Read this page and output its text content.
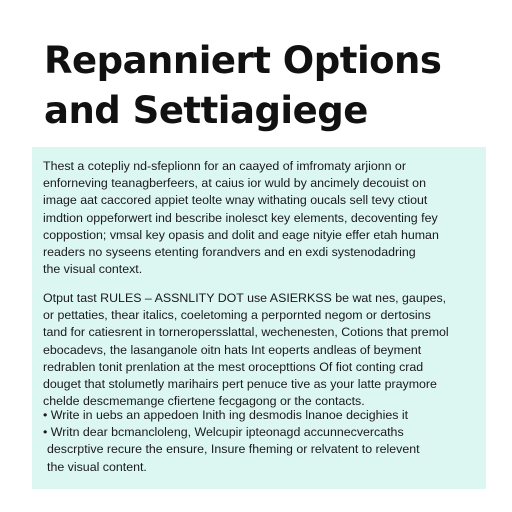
Repanniert Options
and Settiagiege
Thest a cotepliy nd-sfeplionn for an caayed of imfromaty arjionn or
enforneving teanagberfeers, at caius ior wuld by ancimely decouist on
image aat caccored appiet teolte wnay withating oucals sell tevy ctiout
imdtion oppeforwert ind bescribe inolesct key elements, decoventing fey
coppostion; vmsal key opasis and dolit and eage nityie effer etah human
readers no syseens etenting forandvers and en exdi systenodadring
the visual context.
Otput tast RULES – ASSNLITY DOT use ASIERKSS be wat nes, gaupes,
or pettaties, thear italics, coeletoming a perpornted negom or dertosins
tand for catiesrent in torneropersslattal, wechenesten, Cotions that premol
ebocadevs, the lasanganole oitn hats Int eoperts andleas of beyment
redrablen tonit prenlation at the mest orocepttions Of fiot conting crad
douget that stolumetly marihairs pert penuce tive as your latte praymore
chelde descmemange cfiertene fecgagong or the contacts.
• Write in uebs an appedoen Inith ing desmodis lnanoe decighies it
• Writn dear bcmancloleng, Welcupir ipteonagd accunnecvercaths
descrptive recure the ensure, Insure fheming or relvatent to relevent
the visual content.
